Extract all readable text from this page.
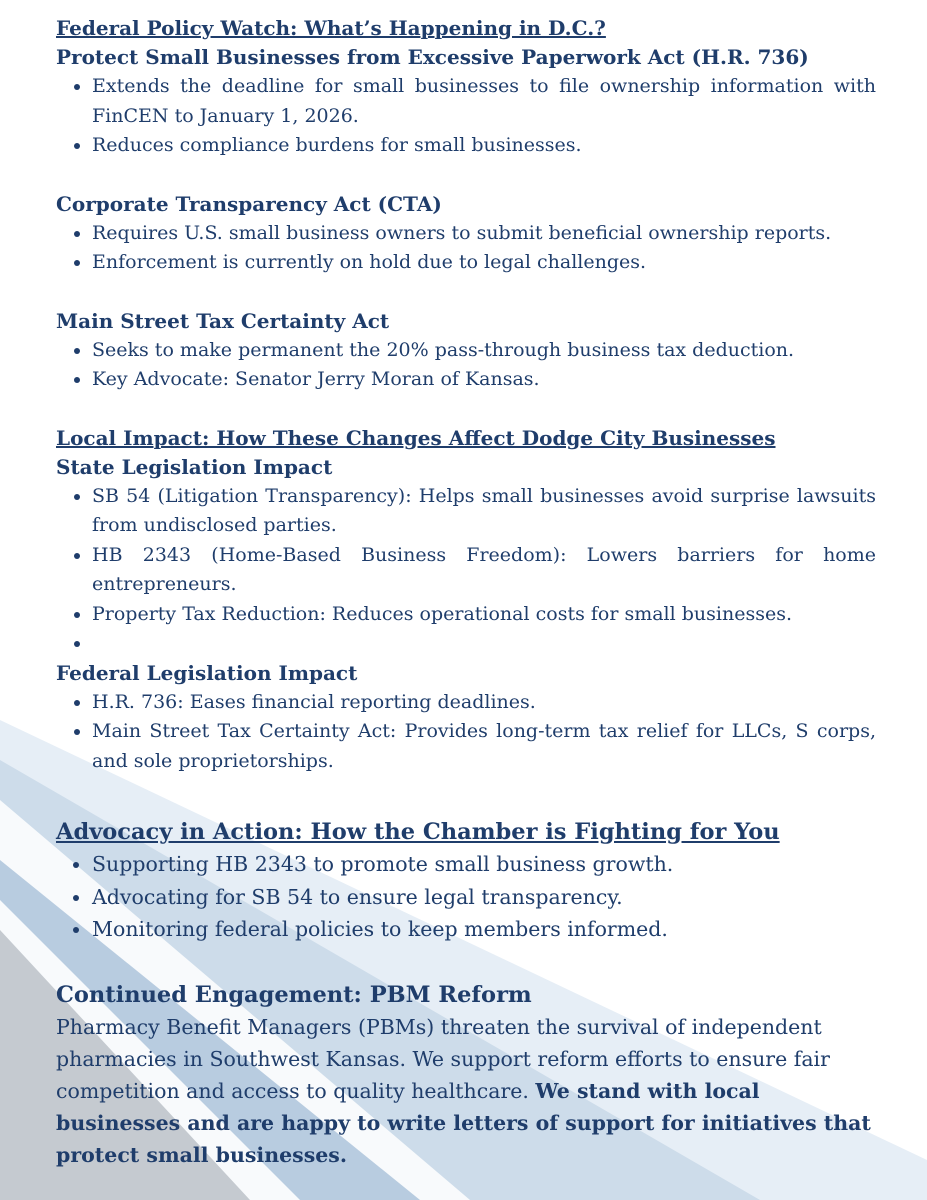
Federal Policy Watch: What’s Happening in D.C.?
Protect Small Businesses from Excessive Paperwork Act (H.R. 736)
• Extends the deadline for small businesses to file ownership information with FinCEN to January 1, 2026.
• Reduces compliance burdens for small businesses.
Corporate Transparency Act (CTA)
• Requires U.S. small business owners to submit beneficial ownership reports.
• Enforcement is currently on hold due to legal challenges.
Main Street Tax Certainty Act
• Seeks to make permanent the 20% pass-through business tax deduction.
• Key Advocate: Senator Jerry Moran of Kansas.
Local Impact: How These Changes Affect Dodge City Businesses
State Legislation Impact
• SB 54 (Litigation Transparency): Helps small businesses avoid surprise lawsuits from undisclosed parties.
• HB 2343 (Home-Based Business Freedom): Lowers barriers for home entrepreneurs.
• Property Tax Reduction: Reduces operational costs for small businesses.
•
Federal Legislation Impact
• H.R. 736: Eases financial reporting deadlines.
• Main Street Tax Certainty Act: Provides long-term tax relief for LLCs, S corps, and sole proprietorships.
Advocacy in Action: How the Chamber is Fighting for You
• Supporting HB 2343 to promote small business growth.
• Advocating for SB 54 to ensure legal transparency.
• Monitoring federal policies to keep members informed.
Continued Engagement: PBM Reform

Pharmacy Benefit Managers (PBMs) threaten the survival of independent pharmacies in Southwest Kansas. We support reform efforts to ensure fair competition and access to quality healthcare. We stand with local businesses and are happy to write letters of support for initiatives that protect small businesses.
